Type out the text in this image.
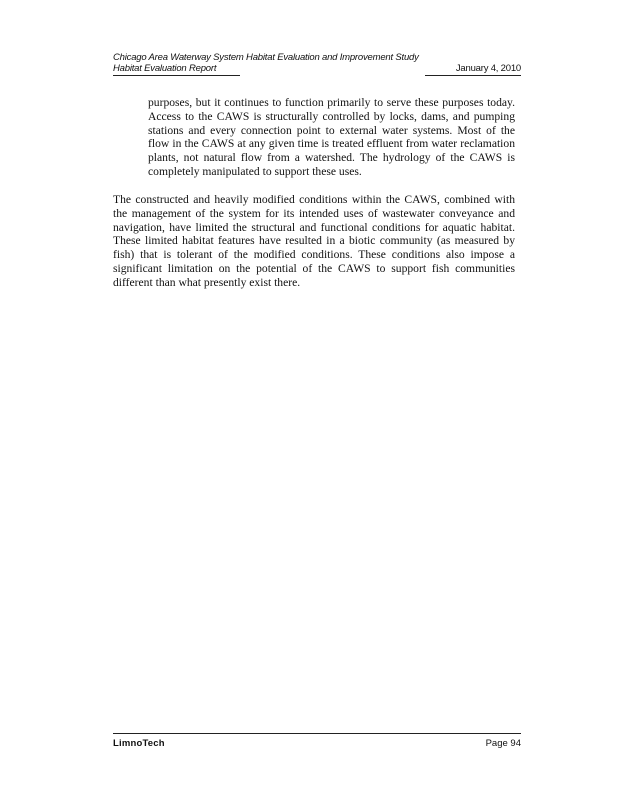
Chicago Area Waterway System Habitat Evaluation and Improvement Study
Habitat Evaluation Report	January 4, 2010

purposes, but it continues to function primarily to serve these purposes today. Access to the CAWS is structurally controlled by locks, dams, and pumping stations and every connection point to external water systems. Most of the flow in the CAWS at any given time is treated effluent from water reclamation plants, not natural flow from a watershed. The hydrology of the CAWS is completely manipulated to support these uses.

The constructed and heavily modified conditions within the CAWS, combined with the management of the system for its intended uses of wastewater conveyance and navigation, have limited the structural and functional conditions for aquatic habitat. These limited habitat features have resulted in a biotic community (as measured by fish) that is tolerant of the modified conditions. These conditions also impose a significant limitation on the potential of the CAWS to support fish communities different than what presently exist there.

LimnoTech	Page 94
